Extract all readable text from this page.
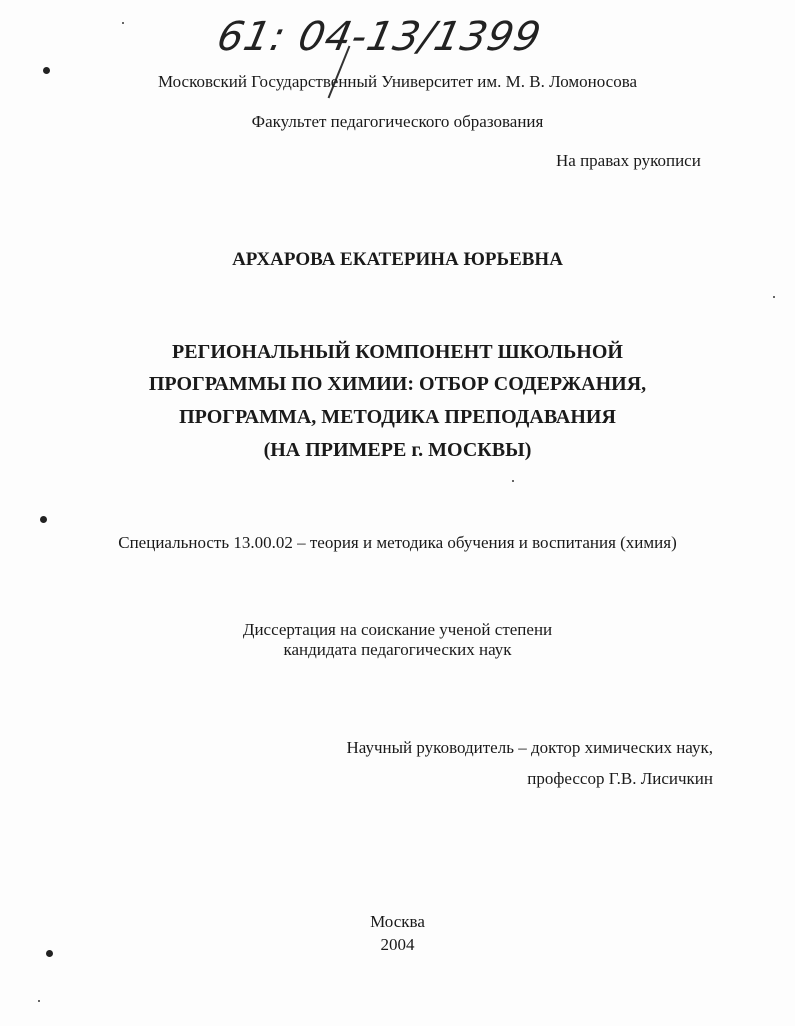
61: 04-13/1399
Московский Государственный Университет им. М. В. Ломоносова
Факультет педагогического образования
На правах рукописи
АРХАРОВА ЕКАТЕРИНА ЮРЬЕВНА
РЕГИОНАЛЬНЫЙ КОМПОНЕНТ ШКОЛЬНОЙ
ПРОГРАММЫ ПО ХИМИИ: ОТБОР СОДЕРЖАНИЯ,
ПРОГРАММА, МЕТОДИКА ПРЕПОДАВАНИЯ
(НА ПРИМЕРЕ г. МОСКВЫ)
Специальность 13.00.02 – теория и методика обучения и воспитания (химия)
Диссертация на соискание ученой степени
кандидата педагогических наук
Научный руководитель – доктор химических наук,
профессор Г.В. Лисичкин
Москва
2004
